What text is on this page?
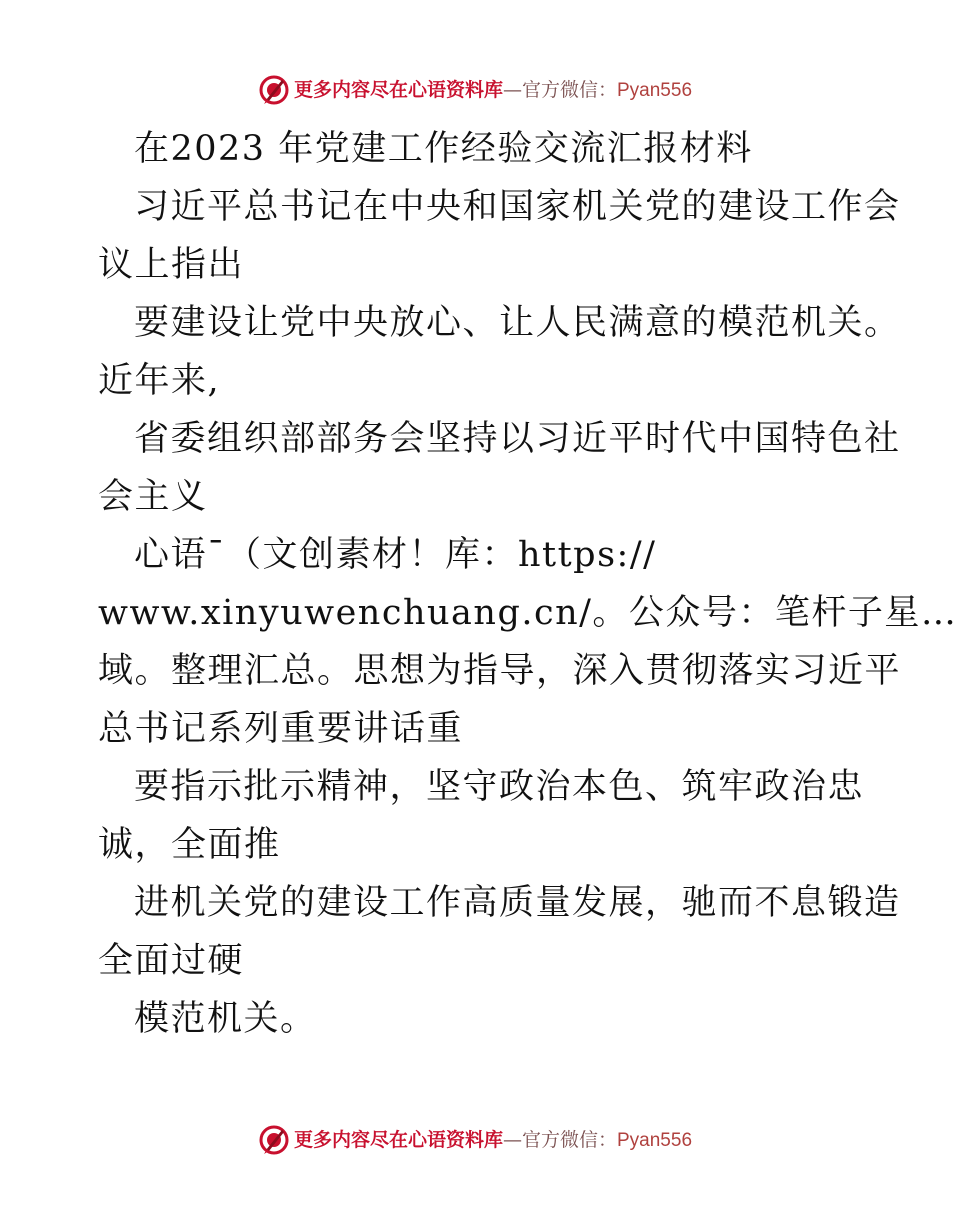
更多内容尽在心语资料库 —官方微信： Pyan556
在2023 年党建工作经验交流汇报材料
习近平总书记在中央和国家机关党的建设工作会
议上指出
要建设让党中央放心、让人民满意的模范机关。
近年来,
省委组织部部务会坚持以习近平时代中国特色社
会主义
心语¯（文创素材！库：https://
www.xinyuwenchuang.cn/。公众号：笔杆子星…
域。整理汇总。思想为指导，深入贯彻落实习近平
总书记系列重要讲话重
要指示批示精神，坚守政治本色、筑牢政治忠
诚，全面推
进机关党的建设工作高质量发展，驰而不息锻造
全面过硬
模范机关。
更多内容尽在心语资料库 —官方微信： Pyan556
